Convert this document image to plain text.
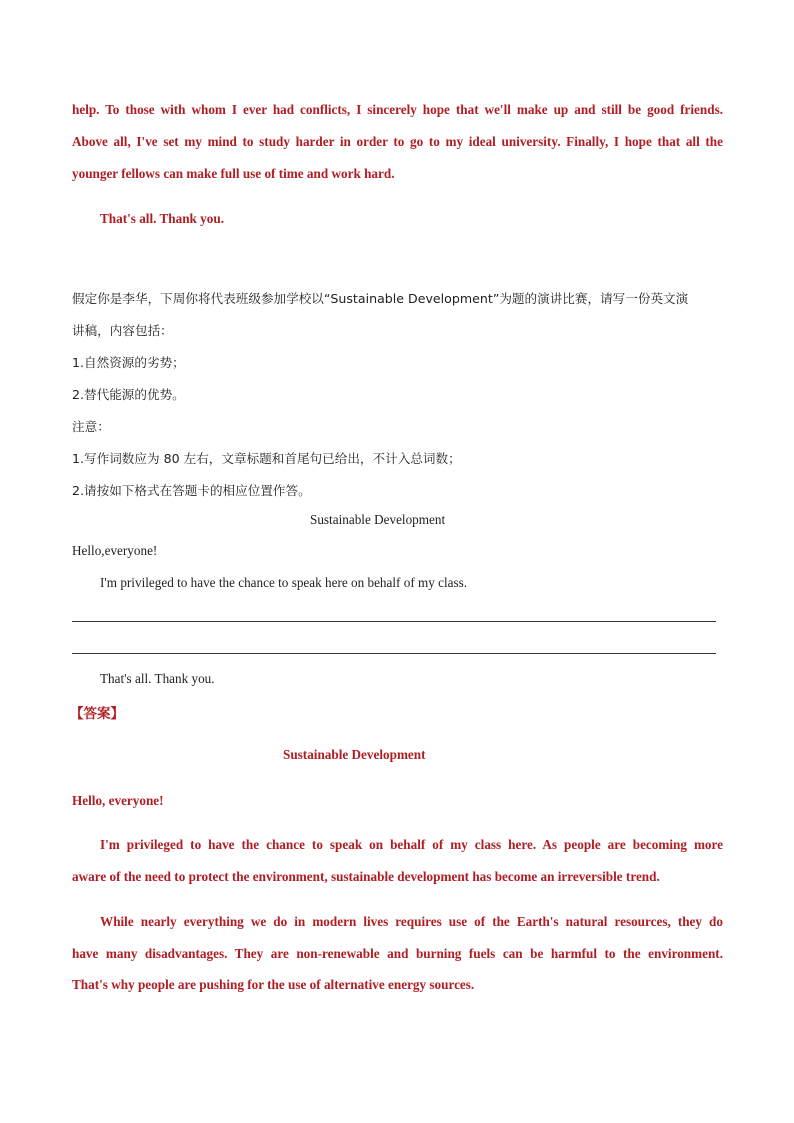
help. To those with whom I ever had conflicts, I sincerely hope that we'll make up and still be good friends.
Above all, I've set my mind to study harder in order to go to my ideal university. Finally, I hope that all the
younger fellows can make full use of time and work hard.
That's all. Thank you.
假定你是李华，下周你将代表班级参加学校以“Sustainable Development”为题的演讲比赛，请写一份英文演
讲稿，内容包括：
1.自然资源的劣势；
2.替代能源的优势。
注意：
1.写作词数应为 80 左右，文章标题和首尾句已给出，不计入总词数；
2.请按如下格式在答题卡的相应位置作答。
Sustainable Development
Hello,everyone!
I'm privileged to have the chance to speak here on behalf of my class.
That's all. Thank you.
【答案】
Sustainable Development
Hello, everyone!
I'm privileged to have the chance to speak on behalf of my class here. As people are becoming more
aware of the need to protect the environment, sustainable development has become an irreversible trend.
While nearly everything we do in modern lives requires use of the Earth's natural resources, they do
have many disadvantages. They are non-renewable and burning fuels can be harmful to the environment.
That's why people are pushing for the use of alternative energy sources.
